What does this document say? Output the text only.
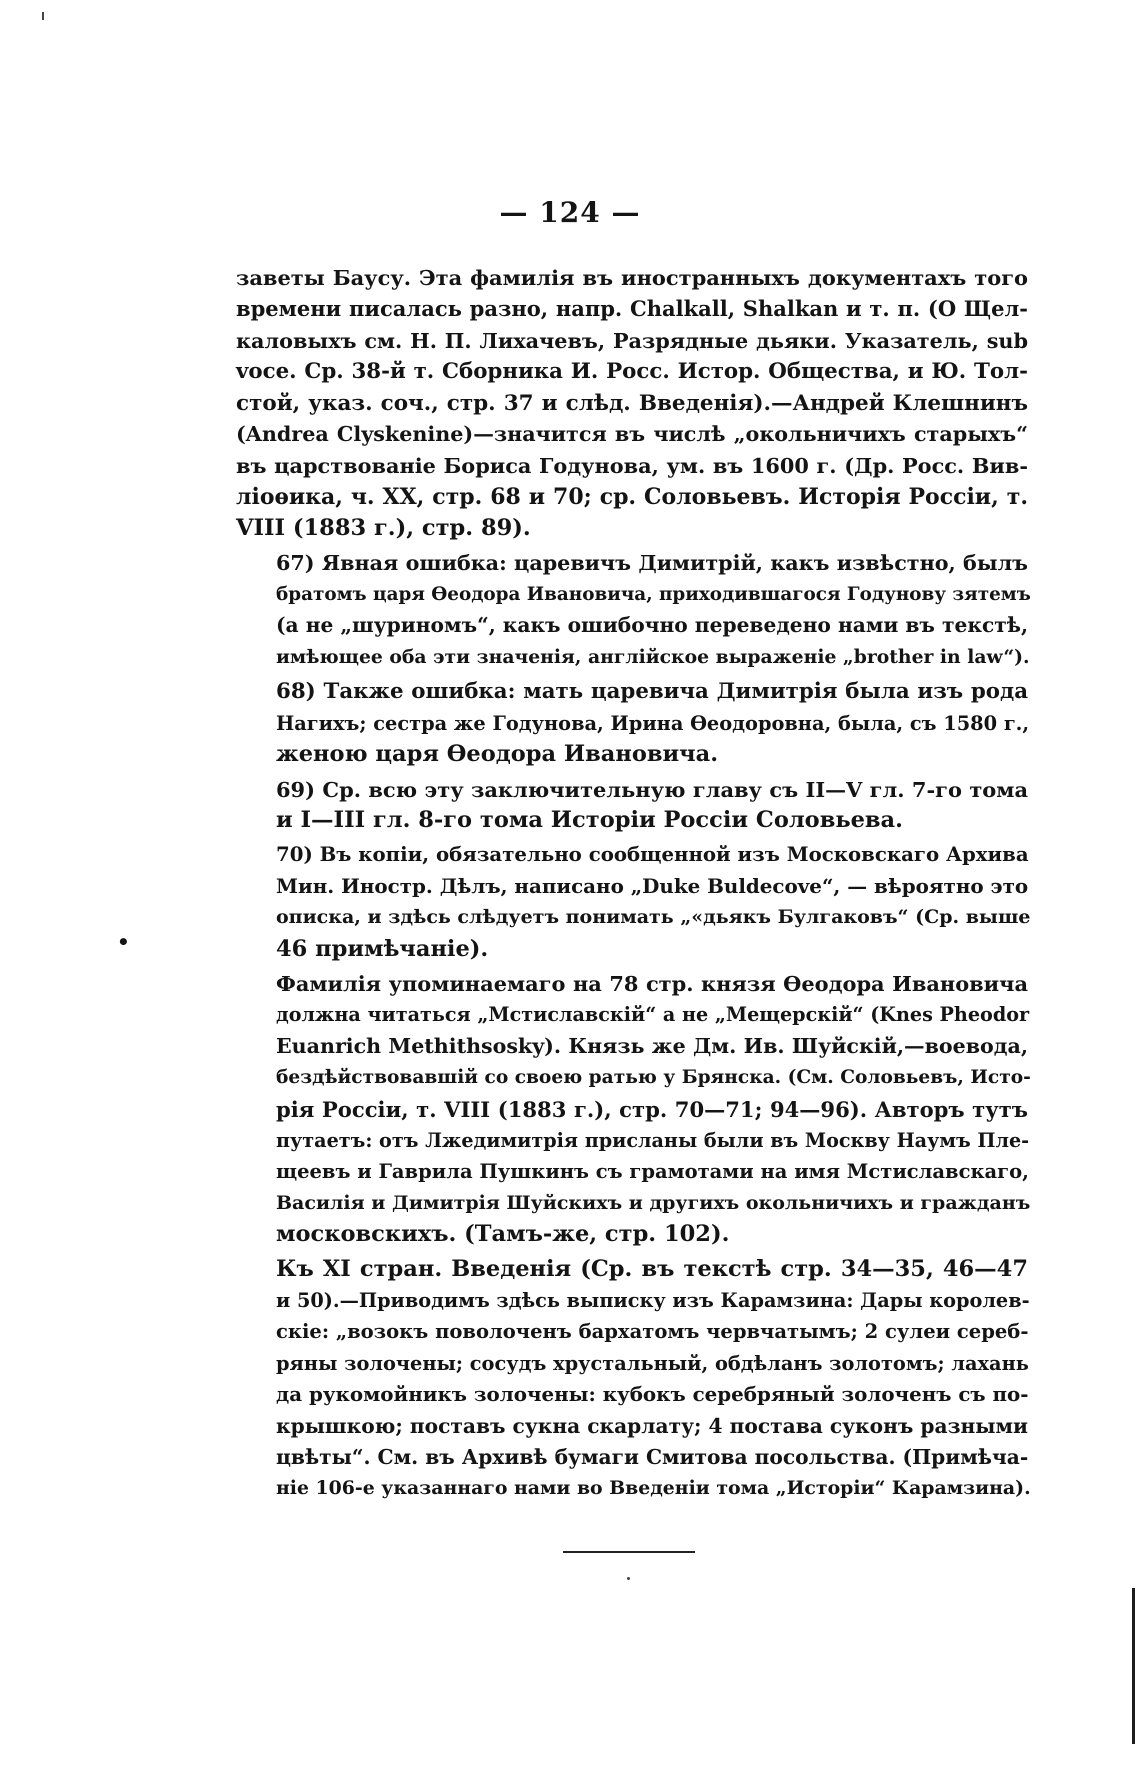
— 124 —
заветы Баусу. Эта фамилія въ иностранныхъ документахъ того
времени писалась разно, напр. Chalkall, Shalkan и т. п. (О Щел-
каловыхъ см. Н. П. Лихачевъ, Разрядные дьяки. Указатель, sub
voce. Ср. 38-й т. Сборника И. Росс. Истор. Общества, и Ю. Тол-
стой, указ. соч., стр. 37 и слѣд. Введенія).—Андрей Клешнинъ
(Andrea Clyskenine)—значится въ числѣ „окольничихъ старыхъ“
въ царствованіе Бориса Годунова, ум. въ 1600 г. (Др. Росс. Вив-
ліоѳика, ч. XX, стр. 68 и 70; ср. Соловьевъ. Исторія Россіи, т.
VIII (1883 г.), стр. 89).
67) Явная ошибка: царевичъ Димитрій, какъ извѣстно, былъ
братомъ царя Ѳеодора Ивановича, приходившагося Годунову зятемъ
(а не „шуриномъ“, какъ ошибочно переведено нами въ текстѣ,
имѣющее оба эти значенія, англійское выраженіе „brother in law“).
68) Также ошибка: мать царевича Димитрія была изъ рода
Нагихъ; сестра же Годунова, Ирина Ѳеодоровна, была, съ 1580 г.,
женою царя Ѳеодора Ивановича.
69) Ср. всю эту заключительную главу съ II—V гл. 7-го тома
и I—III гл. 8-го тома Исторіи Россіи Соловьева.
70) Въ копіи, обязательно сообщенной изъ Московскаго Архива
Мин. Иностр. Дѣлъ, написано „Duke Buldecove“, — вѣроятно это
описка, и здѣсь слѣдуетъ понимать „«дьякъ Булгаковъ“ (Ср. выше
46 примѣчаніе).
Фамилія упоминаемаго на 78 стр. князя Ѳеодора Ивановича
должна читаться „Мстиславскій“ а не „Мещерскій“ (Knes Pheodor
Euanrich Methithsosky). Князь же Дм. Ив. Шуйскій,—воевода,
бездѣйствовавшій со своею ратью у Брянска. (См. Соловьевъ, Исто-
рія Россіи, т. VIII (1883 г.), стр. 70—71; 94—96). Авторъ тутъ
путаетъ: отъ Лжедимитрія присланы были въ Москву Наумъ Пле-
щеевъ и Гаврила Пушкинъ съ грамотами на имя Мстиславскаго,
Василія и Димитрія Шуйскихъ и другихъ окольничихъ и гражданъ
московскихъ. (Тамъ-же, стр. 102).
Къ XI стран. Введенія (Ср. въ текстѣ стр. 34—35, 46—47
и 50).—Приводимъ здѣсь выписку изъ Карамзина: Дары королев-
скіе: „возокъ поволоченъ бархатомъ червчатымъ; 2 сулеи сереб-
ряны золочены; сосудъ хрустальный, обдѣланъ золотомъ; лахань
да рукомойникъ золочены: кубокъ серебряный золоченъ съ по-
крышкою; поставъ сукна скарлату; 4 постава суконъ разными
цвѣты“. См. въ Архивѣ бумаги Смитова посольства. (Примѣча-
ніе 106-е указаннаго нами во Введеніи тома „Исторіи“ Карамзина).
•
